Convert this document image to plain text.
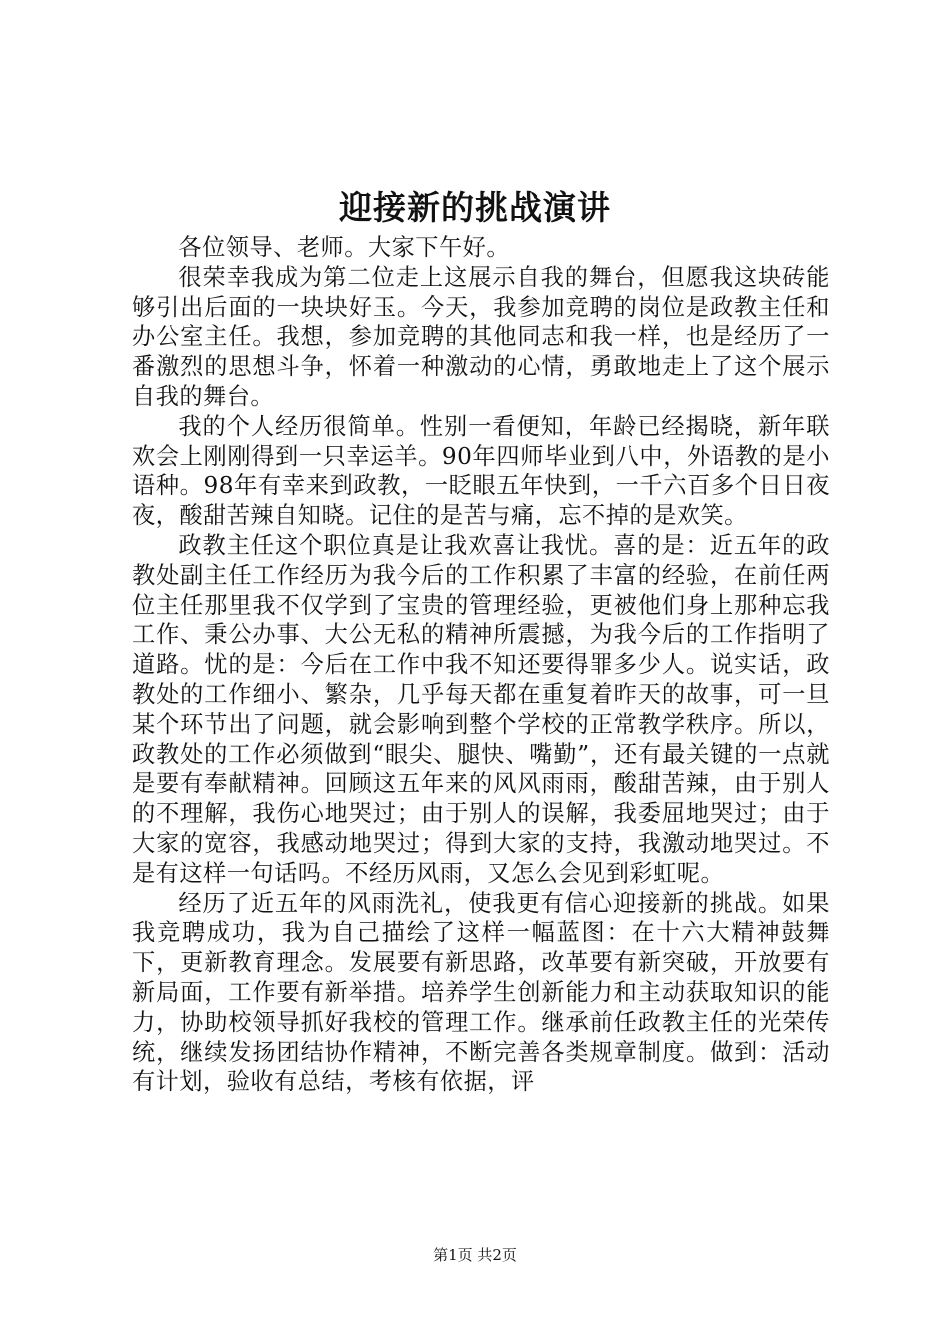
迎接新的挑战演讲

各位领导、老师。大家下午好。

很荣幸我成为第二位走上这展示自我的舞台，但愿我这块砖能够引出后面的一块块好玉。今天，我参加竞聘的岗位是政教主任和办公室主任。我想，参加竞聘的其他同志和我一样，也是经历了一番激烈的思想斗争，怀着一种激动的心情，勇敢地走上了这个展示自我的舞台。

我的个人经历很简单。性别一看便知，年龄已经揭晓，新年联欢会上刚刚得到一只幸运羊。90年四师毕业到八中，外语教的是小语种。98年有幸来到政教，一眨眼五年快到，一千六百多个日日夜夜，酸甜苦辣自知晓。记住的是苦与痛，忘不掉的是欢笑。

政教主任这个职位真是让我欢喜让我忧。喜的是：近五年的政教处副主任工作经历为我今后的工作积累了丰富的经验，在前任两位主任那里我不仅学到了宝贵的管理经验，更被他们身上那种忘我工作、秉公办事、大公无私的精神所震撼，为我今后的工作指明了道路。忧的是：今后在工作中我不知还要得罪多少人。说实话，政教处的工作细小、繁杂，几乎每天都在重复着昨天的故事，可一旦某个环节出了问题，就会影响到整个学校的正常教学秩序。所以，政教处的工作必须做到“眼尖、腿快、嘴勤”，还有最关键的一点就是要有奉献精神。回顾这五年来的风风雨雨，酸甜苦辣，由于别人的不理解，我伤心地哭过；由于别人的误解，我委屈地哭过；由于大家的宽容，我感动地哭过；得到大家的支持，我激动地哭过。不是有这样一句话吗。不经历风雨，又怎么会见到彩虹呢。

经历了近五年的风雨洗礼，使我更有信心迎接新的挑战。如果我竞聘成功，我为自己描绘了这样一幅蓝图：在十六大精神鼓舞下，更新教育理念。发展要有新思路，改革要有新突破，开放要有新局面，工作要有新举措。培养学生创新能力和主动获取知识的能力，协助校领导抓好我校的管理工作。继承前任政教主任的光荣传统，继续发扬团结协作精神，不断完善各类规章制度。做到：活动有计划，验收有总结，考核有依据，评

第1页 共2页
